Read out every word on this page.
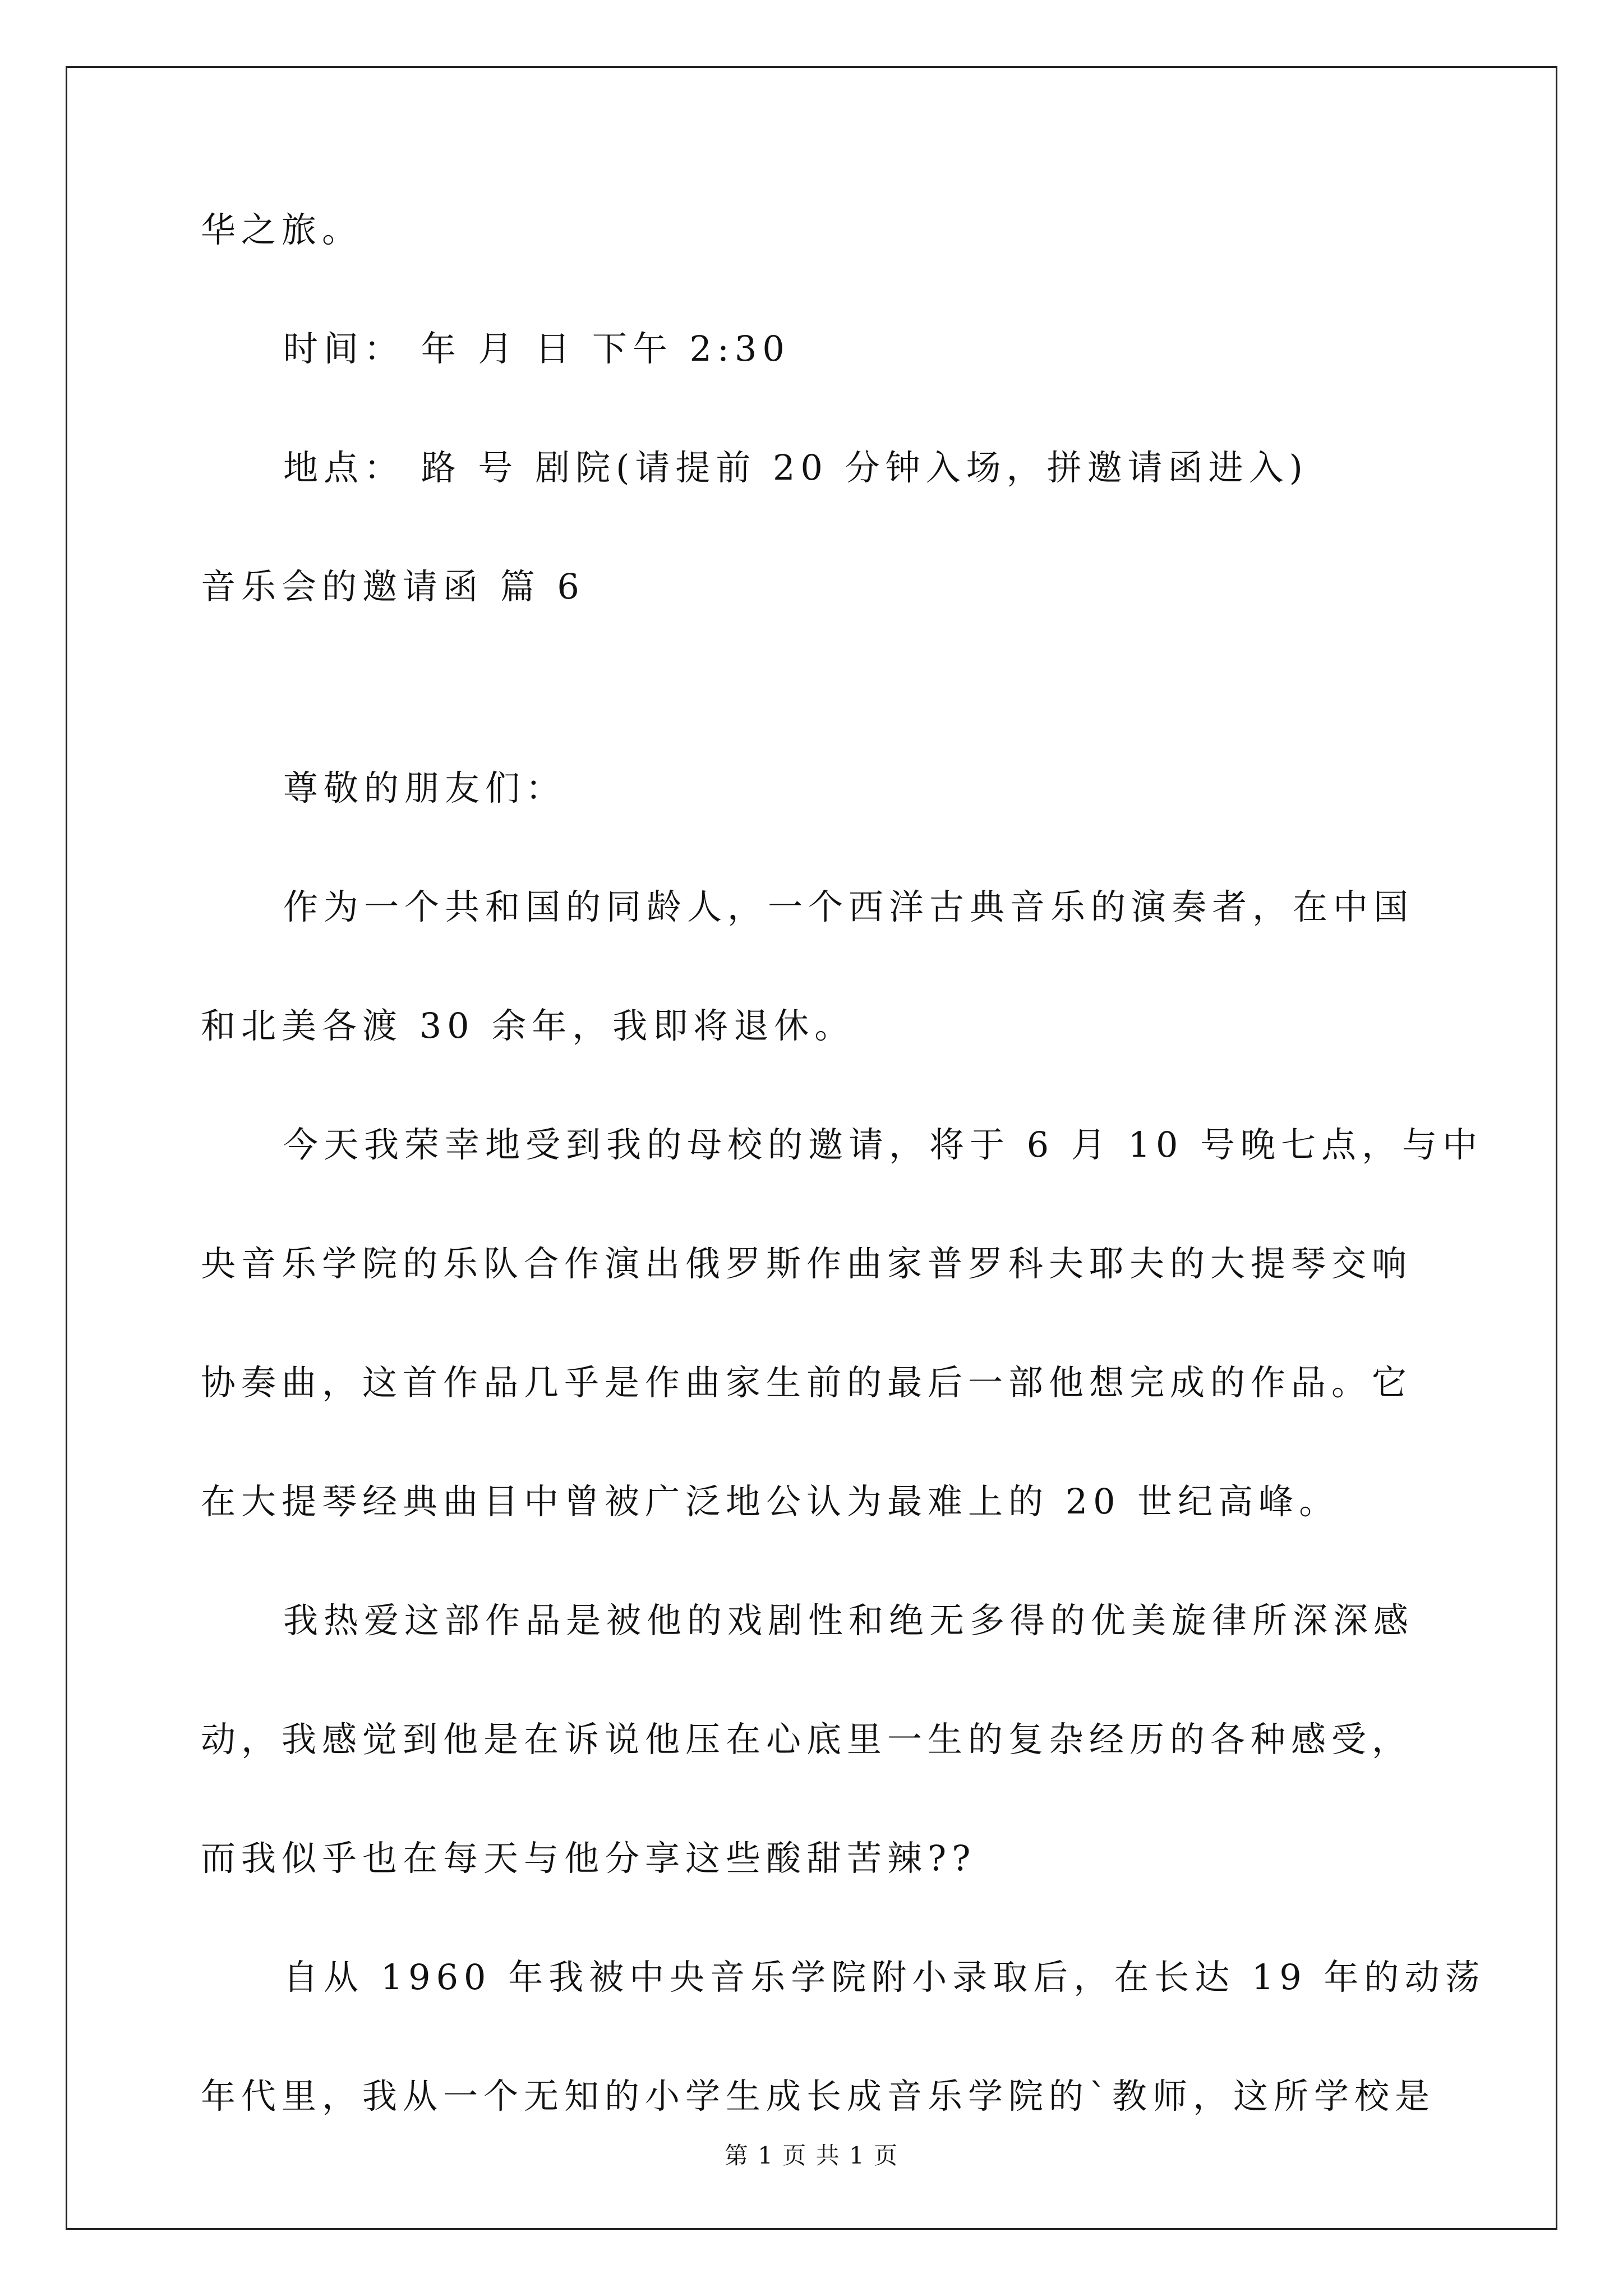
华之旅。
时间： 年 月 日 下午 2:30
地点： 路 号 剧院(请提前 20 分钟入场，拼邀请函进入)
音乐会的邀请函 篇 6
尊敬的朋友们：
作为一个共和国的同龄人，一个西洋古典音乐的演奏者，在中国
和北美各渡 30 余年，我即将退休。
今天我荣幸地受到我的母校的邀请，将于 6 月 10 号晚七点，与中
央音乐学院的乐队合作演出俄罗斯作曲家普罗科夫耶夫的大提琴交响
协奏曲，这首作品几乎是作曲家生前的最后一部他想完成的作品。它
在大提琴经典曲目中曾被广泛地公认为最难上的 20 世纪高峰。
我热爱这部作品是被他的戏剧性和绝无多得的优美旋律所深深感
动，我感觉到他是在诉说他压在心底里一生的复杂经历的各种感受，
而我似乎也在每天与他分享这些酸甜苦辣??
自从 1960 年我被中央音乐学院附小录取后，在长达 19 年的动荡
年代里，我从一个无知的小学生成长成音乐学院的`教师，这所学校是
第 1 页 共 1 页
